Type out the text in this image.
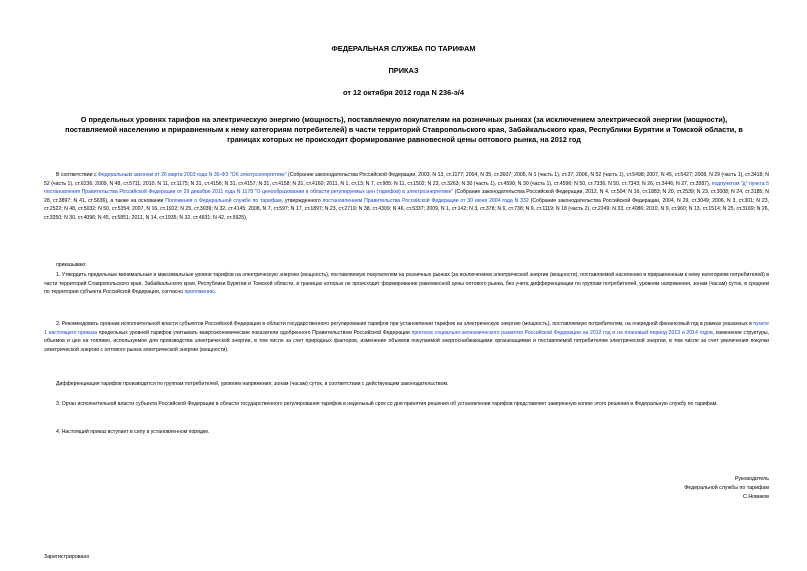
ФЕДЕРАЛЬНАЯ СЛУЖБА ПО ТАРИФАМ
ПРИКАЗ
от 12 октября 2012 года N 236-э/4
О предельных уровнях тарифов на электрическую энергию (мощность), поставляемую покупателям на розничных рынках (за исключением электрической энергии (мощности), поставляемой населению и приравненным к нему категориям потребителей) в части территорий Ставропольского края, Забайкальского края, Республики Бурятии и Томской области, в границах которых не происходит формирование равновесной цены оптового рынка, на 2012 год

В соответствии с Федеральным законом от 26 марта 2003 года N 35-ФЗ "Об электроэнергетике" (Собрание законодательства Российской Федерации, 2003, N 13, ст.1177; 2004, N 35, ст.3607; 2005, N 1 (часть 1), ст.37; 2006, N 52 (часть 1), ст.5498; 2007, N 45, ст.5427; 2008, N 29 (часть 1), ст.3418; N 52 (часть 1), ст.6236; 2009, N 48, ст.5711; 2010, N 11, ст.1175; N 31, ст.4156; N 31, ст.4157; N 31, ст.4158; N 31, ст.4160; 2011, N 1, ст.13; N 7, ст.905; N 11, ст.1502; N 23, ст.3263; N 30 (часть 1), ст.4590; N 30 (часть 1), ст.4596; N 50, ст.7336; N 50, ст.7343; N 26, ст.3446; N 27, ст.3587), подпунктом "д" пункта 5 постановления Правительства Российской Федерации от 29 декабря 2011 года N 1178 "О ценообразовании в области регулируемых цен (тарифов) в электроэнергетике" (Собрание законодательства Российской Федерации, 2012, N 4, ст.504; N 16, ст.1883; N 20, ст.2539; N 23, ст.3008; N 24, ст.3185; N 28, ст.3897; N 41, ст.5636), а также на основании Положения о Федеральной службе по тарифам, утвержденного постановлением Правительства Российской Федерации от 30 июня 2004 года N 332 (Собрание законодательства Российской Федерации, 2004, N 29, ст.3049; 2006, N 3, ст.301; N 23, ст.2522; N 48, ст.5032; N 50, ст.5354; 2007, N 16, ст.1912; N 25, ст.3039; N 32, ст.4145; 2008, N 7, ст.597; N 17, ст.1897; N 23, ст.2719; N 38, ст.4309; N 46, ст.5337; 2009, N 1, ст.142; N 3, ст.378; N 6, ст.738; N 9, ст.1119; N 18 (часть 2), ст.2249; N 33, ст.4086; 2010, N 9, ст.960; N 13, ст.1514; N 25, ст.3169; N 26, ст.3350; N 30, ст.4096; N 45, ст.5851; 2011, N 14, ст.1935; N 32, ст.4831; N 42, ст.5925),

приказываю:

1. Утвердить предельные минимальные и максимальные уровни тарифов на электрическую энергию (мощность), поставляемую покупателям на розничных рынках (за исключением электрической энергии (мощности), поставляемой населению и приравненным к нему категориям потребителей) в части территорий Ставропольского края, Забайкальского края, Республики Бурятии и Томской области, в границах которых не происходит формирование равновесной цены оптового рынка, без учета дифференциации по группам потребителей, уровням напряжения, зонам (часам) суток, в среднем по территории субъекта Российской Федерации, согласно приложению.

2. Рекомендовать органам исполнительной власти субъектов Российской Федерации в области государственного регулирования тарифов при установлении тарифов на электрическую энергию (мощность), поставляемую потребителям, на очередной финансовый год в рамках указанных в пункте 1 настоящего приказа предельных уровней тарифов учитывать макроэкономические показатели одобренного Правительством Российской Федерации прогноза социально-экономического развития Российской Федерации на 2012 год и на плановый период 2013 и 2014 годов, изменение структуры, объемов и цен на топливо, используемое для производства электрической энергии, в том числе за счет природных факторов, изменение объемов покупаемой энергоснабжающими организациями и поставляемой потребителям электрической энергии, в том числе за счет увеличения покупки электрической энергии с оптового рынка электрической энергии (мощности).

Дифференциация тарифов производится по группам потребителей, уровням напряжения, зонам (часам) суток, в соответствии с действующим законодательством.

3. Орган исполнительной власти субъекта Российской Федерации в области государственного регулирования тарифов в недельный срок со дня принятия решения об установлении тарифов представляет заверенную копию этого решения в Федеральную службу по тарифам.

4. Настоящий приказ вступает в силу в установленном порядке.

Руководитель
Федеральной службы по тарифам
С.Новиков
Зарегистрировано
